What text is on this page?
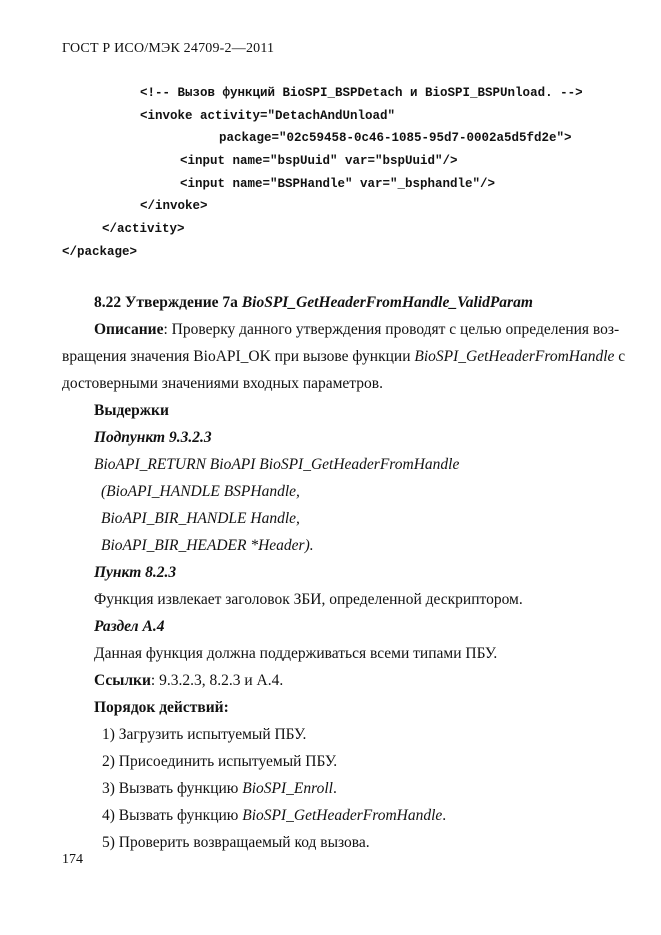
ГОСТ Р ИСО/МЭК 24709-2—2011

<!-- Вызов функций BioSPI_BSPDetach и BioSPI_BSPUnload. -->

<invoke activity="DetachAndUnload"

package="02c59458-0c46-1085-95d7-0002a5d5fd2e">

<input name="bspUuid" var="bspUuid"/>

<input name="BSPHandle" var="_bsphandle"/>

</invoke>

</activity>

</package>

8.22 Утверждение 7а BioSPI_GetHeaderFromHandle_ValidParam
Описание: Проверку данного утверждения проводят с целью определения воз-
вращения значения BioAPI_OK при вызове функции BioSPI_GetHeaderFromHandle с
достоверными значениями входных параметров.
Выдержки
Подпункт 9.3.2.3
BioAPI_RETURN BioAPI BioSPI_GetHeaderFromHandle
(BioAPI_HANDLE BSPHandle,
BioAPI_BIR_HANDLE Handle,
BioAPI_BIR_HEADER *Header).
Пункт 8.2.3
Функция извлекает заголовок ЗБИ, определенной дескриптором.
Раздел А.4
Данная функция должна поддерживаться всеми типами ПБУ.
Ссылки: 9.3.2.3, 8.2.3 и А.4.
Порядок действий:
1) Загрузить испытуемый ПБУ.
2) Присоединить испытуемый ПБУ.
3) Вызвать функцию BioSPI_Enroll.
4) Вызвать функцию BioSPI_GetHeaderFromHandle.
5) Проверить возвращаемый код вызова.
174
